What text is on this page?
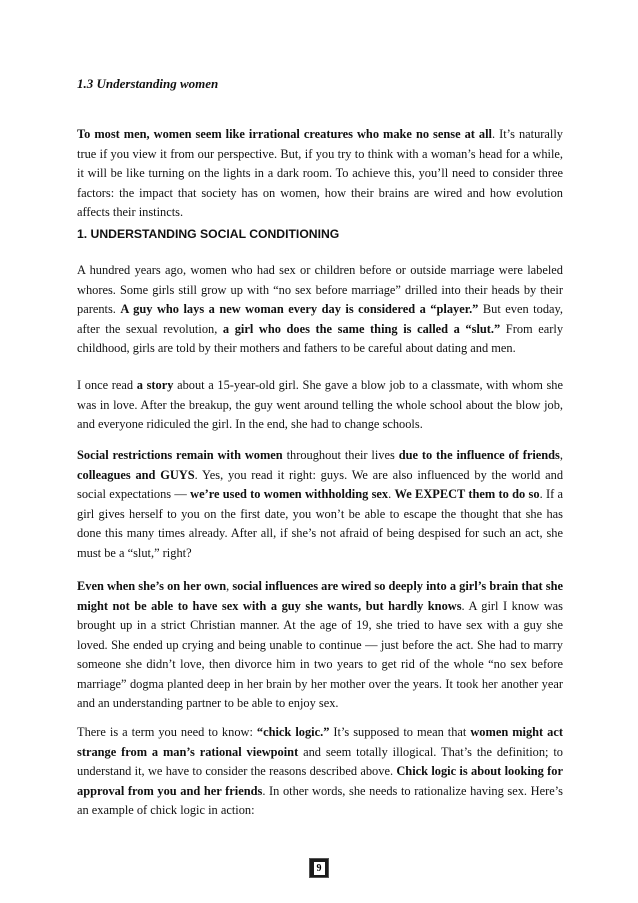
1.3 Understanding women
To most men, women seem like irrational creatures who make no sense at all. It’s naturally true if you view it from our perspective. But, if you try to think with a woman’s head for a while, it will be like turning on the lights in a dark room. To achieve this, you’ll need to consider three factors: the impact that society has on women, how their brains are wired and how evolution affects their instincts.
1. UNDERSTANDING SOCIAL CONDITIONING
A hundred years ago, women who had sex or children before or outside marriage were labeled whores. Some girls still grow up with “no sex before marriage” drilled into their heads by their parents. A guy who lays a new woman every day is considered a “player.” But even today, after the sexual revolution, a girl who does the same thing is called a “slut.” From early childhood, girls are told by their mothers and fathers to be careful about dating and men.
I once read a story about a 15-year-old girl. She gave a blow job to a classmate, with whom she was in love. After the breakup, the guy went around telling the whole school about the blow job, and everyone ridiculed the girl. In the end, she had to change schools.
Social restrictions remain with women throughout their lives due to the influence of friends, colleagues and GUYS. Yes, you read it right: guys. We are also influenced by the world and social expectations — we’re used to women withholding sex. We EXPECT them to do so. If a girl gives herself to you on the first date, you won’t be able to escape the thought that she has done this many times already. After all, if she’s not afraid of being despised for such an act, she must be a “slut,” right?
Even when she’s on her own, social influences are wired so deeply into a girl’s brain that she might not be able to have sex with a guy she wants, but hardly knows. A girl I know was brought up in a strict Christian manner. At the age of 19, she tried to have sex with a guy she loved. She ended up crying and being unable to continue — just before the act. She had to marry someone she didn’t love, then divorce him in two years to get rid of the whole “no sex before marriage” dogma planted deep in her brain by her mother over the years. It took her another year and an understanding partner to be able to enjoy sex.
There is a term you need to know: “chick logic.” It’s supposed to mean that women might act strange from a man’s rational viewpoint and seem totally illogical. That’s the definition; to understand it, we have to consider the reasons described above. Chick logic is about looking for approval from you and her friends. In other words, she needs to rationalize having sex. Here’s an example of chick logic in action:
9
